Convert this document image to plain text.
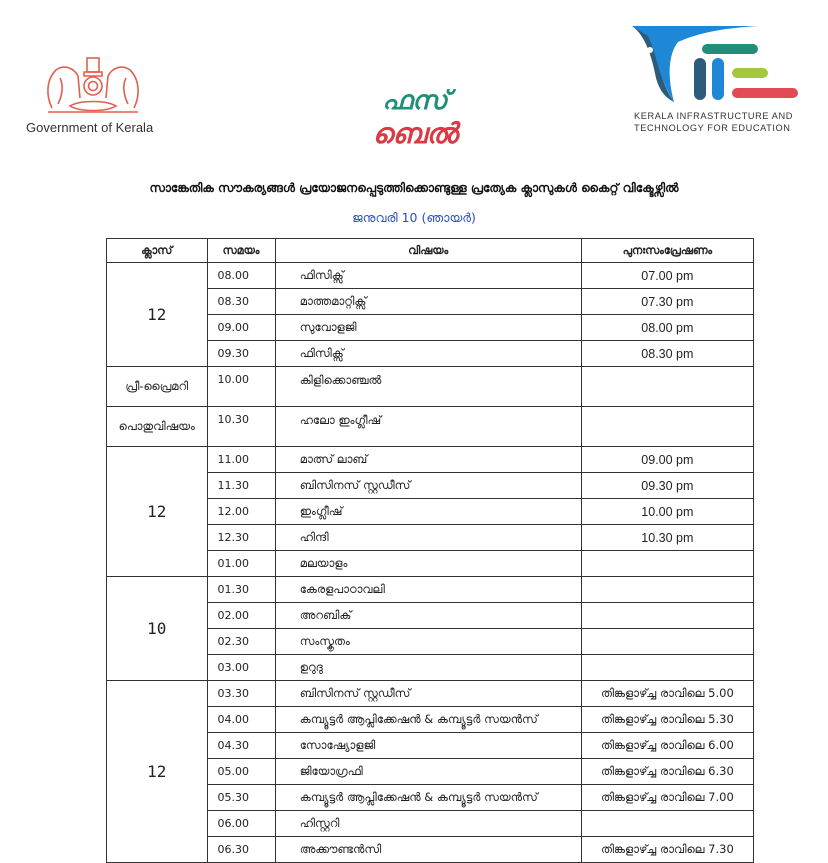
Government of Kerala
ഫസ്
ബെൽ
KERALA INFRASTRUCTURE AND
TECHNOLOGY FOR EDUCATION
സാങ്കേതിക സൗകര്യങ്ങൾ പ്രയോജനപ്പെടുത്തിക്കൊണ്ടുള്ള പ്രത്യേക ക്ലാസുകൾ കൈറ്റ് വിക്ടേഴ്സിൽ
ജനുവരി 10 (ഞായർ)
ക്ലാസ്	സമയം	വിഷയം	പുനഃസംപ്രേഷണം
12	08.00	ഫിസിക്സ്	07.00 pm
	08.30	മാത്തമാറ്റിക്സ്	07.30 pm
	09.00	സുവോളജി	08.00 pm
	09.30	ഫിസിക്സ്	08.30 pm
പ്രീ-പ്രൈമറി	10.00	കിളിക്കൊഞ്ചൽ	
പൊതുവിഷയം	10.30	ഹലോ ഇംഗ്ലീഷ്	
12	11.00	മാത്സ് ലാബ്	09.00 pm
	11.30	ബിസിനസ് സ്റ്റഡീസ്	09.30 pm
	12.00	ഇംഗ്ലീഷ്	10.00 pm
	12.30	ഹിന്ദി	10.30 pm
	01.00	മലയാളം	
10	01.30	കേരളപാഠാവലി	
	02.00	അറബിക്	
	02.30	സംസ്കൃതം	
	03.00	ഉറുദു	
12	03.30	ബിസിനസ് സ്റ്റഡീസ്	തിങ്കളാഴ്ച്ച രാവിലെ 5.00
	04.00	കമ്പ്യൂട്ടർ ആപ്ലിക്കേഷൻ & കമ്പ്യൂട്ടർ സയൻസ്	തിങ്കളാഴ്ച്ച രാവിലെ 5.30
	04.30	സോഷ്യോളജി	തിങ്കളാഴ്ച്ച രാവിലെ 6.00
	05.00	ജിയോഗ്രഫി	തിങ്കളാഴ്ച്ച രാവിലെ 6.30
	05.30	കമ്പ്യൂട്ടർ ആപ്ലിക്കേഷൻ & കമ്പ്യൂട്ടർ സയൻസ്	തിങ്കളാഴ്ച്ച രാവിലെ 7.00
	06.00	ഹിസ്റ്ററി	
	06.30	അക്കൗണ്ടൻസി	തിങ്കളാഴ്ച്ച രാവിലെ 7.30
